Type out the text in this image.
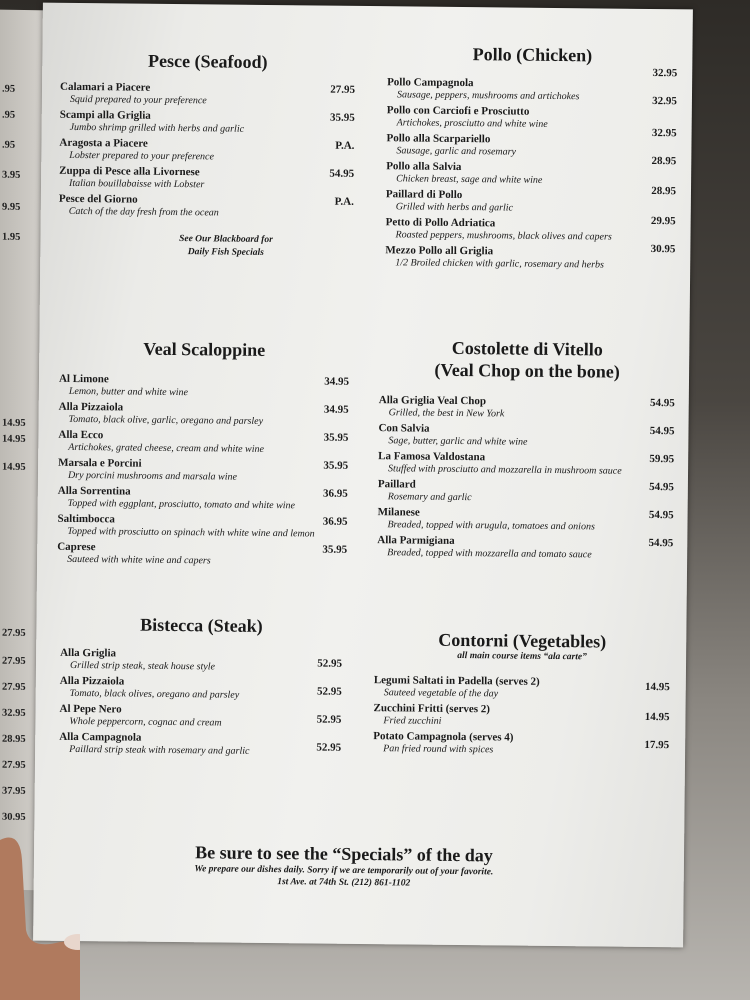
.95
.95
.95
3.95
9.95
1.95
14.95
14.95
14.95
27.95
27.95
27.95
32.95
28.95
27.95
37.95
30.95
Pesce (Seafood)
27.95
Calamari a Piacere
Squid prepared to your preference
35.95
Scampi alla Griglia
Jumbo shrimp grilled with herbs and garlic
P.A.
Aragosta a Piacere
Lobster prepared to your preference
54.95
Zuppa di Pesce alla Livornese
Italian bouillabaisse with Lobster
P.A.
Pesce del Giorno
Catch of the day fresh from the ocean
See Our Blackboard for
Daily Fish Specials
Pollo (Chicken)
32.95
Pollo Campagnola
Sausage, peppers, mushrooms and artichokes	32.95
Pollo con Carciofi e Prosciutto
Artichokes, prosciutto and white wine
32.95
Pollo alla Scarpariello
Sausage, garlic and rosemary
28.95
Pollo alla Salvia
Chicken breast, sage and white wine
28.95
Paillard di Pollo
Grilled with herbs and garlic
29.95
Petto di Pollo Adriatica
Roasted peppers, mushrooms, black olives and capers
30.95
Mezzo Pollo all Griglia
1/2 Broiled chicken with garlic, rosemary and herbs
Veal Scaloppine
34.95
Al Limone
Lemon, butter and white wine
34.95
Alla Pizzaiola
Tomato, black olive, garlic, oregano and parsley
35.95
Alla Ecco
Artichokes, grated cheese, cream and white wine
35.95
Marsala e Porcini
Dry porcini mushrooms and marsala wine
36.95
Alla Sorrentina
Topped with eggplant, prosciutto, tomato and white wine
36.95
Saltimbocca
Topped with prosciutto on spinach with white wine and lemon
35.95
Caprese
Sauteed with white wine and capers
Costolette di Vitello
(Veal Chop on the bone)
54.95
Alla Griglia Veal Chop
Grilled, the best in New York
54.95
Con Salvia
Sage, butter, garlic and white wine
59.95
La Famosa Valdostana
Stuffed with prosciutto and mozzarella in mushroom sauce
54.95
Paillard
Rosemary and garlic
54.95
Milanese
Breaded, topped with arugula, tomatoes and onions
54.95
Alla Parmigiana
Breaded, topped with mozzarella and tomato sauce
Bistecca (Steak)
52.95
Alla Griglia
Grilled strip steak, steak house style
52.95
Alla Pizzaiola
Tomato, black olives, oregano and parsley
52.95
Al Pepe Nero
Whole peppercorn, cognac and cream
52.95
Alla Campagnola
Paillard strip steak with rosemary and garlic
Contorni (Vegetables)
all main course items “ala carte”
14.95
Legumi Saltati in Padella (serves 2)
Sauteed vegetable of the day
14.95
Zucchini Fritti (serves 2)
Fried zucchini
17.95
Potato Campagnola (serves 4)
Pan fried round with spices
Be sure to see the “Specials” of the day
We prepare our dishes daily. Sorry if we are temporarily out of your favorite.
1st Ave. at 74th St. (212) 861-1102
